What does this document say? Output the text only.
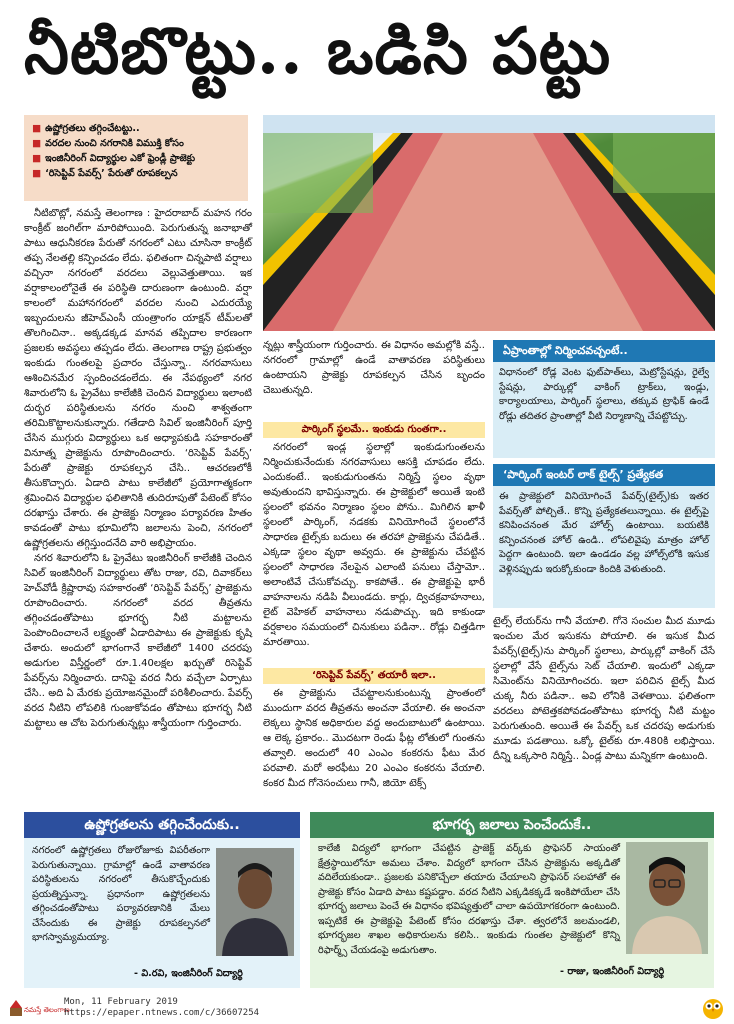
నీటిబొట్టు.. ఒడిసి పట్టు
■ ఉష్ణోగ్రతలు తగ్గించేటట్టు..
■ వరదల నుంచి నగరానికి విముక్తి కోసం
■ ఇంజినీరింగ్ విద్యార్థుల ఎకో ఫ్రెండ్లీ ప్రాజెక్టు
■ ‘రిసెప్టివ్ పేవర్స్’ పేరుతో రూపకల్పన

నీటిబొట్లో, నమస్తే తెలంగాణ : హైదరాబాద్ మహన గరం కాంక్రీట్ జంగిల్‌గా మారిపోయింది. పెరుగుతున్న జనాభాతో పాటు ఆధునీకరణ పేరుతో నగరంలో ఎటు చూసినా కాంక్రీట్ తప్ప నేలతల్లి కన్పించడం లేదు. ఫలితంగా చిన్నపాటి వర్షాలు వచ్చినా నగరంలో వరదలు వెల్లువెత్తుతాయి. ఇక వర్షాకాలంలోనైతే ఈ పరిస్థితి దారుణంగా ఉంటుంది. వర్షా కాలంలో మహానగరంలో వరదల నుంచి ఎదురయ్యే ఇబ్బందులను జీహెచ్‌ఎంసీ యంత్రాంగం యాక్షన్ టీమ్‌లతో తొలగించినా.. అక్కడక్కడ మానవ తప్పిదాల కారణంగా ప్రజలకు అవస్థలు తప్పడం లేదు. తెలంగాణ రాష్ట్ర ప్రభుత్వం ఇంకుడు గుంతలపై ప్రచారం చేస్తున్నా.. నగరవాసులు ఆశించినమేర స్పందించడంలేదు. ఈ నేపథ్యంలో నగర శివారులోని ఓ ప్రైవేటు కాలేజీకి చెందిన విద్యార్థులు ఇలాంటి దుర్భర పరిస్థితులను నగరం నుంచి శాశ్వతంగా తరిమికొట్టాలనుకున్నారు. గతేడాది సివిల్ ఇంజినీరింగ్ పూర్తి చేసిన ముగ్గురు విద్యార్థులు ఒక అధ్యాపకుడి సహకారంతో వినూత్న ప్రాజెక్టును రూపొందించారు. ‘రిసెప్టివ్ పేవర్స్’ పేరుతో ప్రాజెక్టు రూపకల్పన చేసి.. ఆచరణలోకీ తీసుకొచ్చారు. ఏడాది పాటు కాలేజీలో ప్రయోగాత్మకంగా శ్రమించిన విద్యార్థుల ఫలితానికి తుదిరూపుతో పేటెంట్ కోసం దరఖాస్తు చేశారు. ఈ ప్రాజెక్టు నిర్మాణం పర్యావరణ హితం కావడంతో పాటు భూమిలోని జలాలను పెంచి, నగరంలో ఉష్ణోగ్రతలను తగ్గిస్తుందనేది వారి అభిప్రాయం.

నగర శివారులోని ఓ ప్రైవేటు ఇంజినీరింగ్ కాలేజీకి చెందిన సివిల్ ఇంజినీరింగ్ విద్యార్థులు తోట రాజు, రవి, దివాకర్‌లు హెచ్‌వోడీ క్రిష్ణారావు సహకారంతో ‘రిసెప్టివ్ పేవర్స్’ ప్రాజెక్టును రూపొందించారు. నగరంలో వరద తీవ్రతను తగ్గించడంతోపాటు భూగర్భ నీటి మట్టాలను పెంపొందించాలనే లక్ష్యంతో ఏడాదిపాటు ఈ ప్రాజెక్టుకు కృషి చేశారు. అందులో భాగంగానే కాలేజీలో 1400 చదరపు అడుగుల విస్తీర్ణంలో రూ.1.40లక్షల ఖర్చుతో రిసెప్టివ్ పేవర్స్‌ను నిర్మించారు. దానిపై వరద నీరు వచ్చేలా ఏర్పాటు చేసి.. అది ఏ మేరకు ప్రయోజనమైందో పరిశీలించారు. పేవర్స్ వరద నీటిని లోపలికి గుంజుకోవడం తోపాటు భూగర్భ నీటి మట్టాలు ఆ చోట పెరుగుతున్నట్లు శాస్త్రీయంగా గుర్తించారు.

న్నట్లు శాస్త్రీయంగా గుర్తించారు. ఈ విధానం అమల్లోకి వస్తే.. నగరంలో గ్రామాల్లో ఉండే వాతావరణ పరిస్థితులు ఉంటాయని ప్రాజెక్టు రూపకల్పన చేసిన బృందం చెబుతున్నది.

పార్కింగ్ స్థలమే.. ఇంకుడు గుంతగా..

నగరంలో ఇండ్ల స్థలాల్లో ఇంకుడుగుంతలను నిర్మించుకునేందుకు నగరవాసులు ఆసక్తి చూపడం లేదు. ఎందుకంటే.. ఇంకుడుగుంతను నిర్మిస్తే స్థలం వృథా అవుతుందని భావిస్తున్నారు. ఈ ప్రాజెక్టులో అయితే ఇంటి స్థలంలో భవనం నిర్మాణం స్థలం పోను.. మిగిలిన ఖాళీ స్థలంలో పార్కింగ్, నడకకు వినియోగించే స్థలంలోనే సాధారణ టైల్స్‌కు బదులు ఈ తరహా ప్రాజెక్టును చేపడితే.. ఎక్కడా స్థలం వృథా అవ్వదు. ఈ ప్రాజెక్టును చేపట్టిన స్థలంలో సాధారణ నేలపైన ఎలాంటి పనులు చేస్తామో.. అలాంటివే చేసుకోవచ్చు. కాకపోతే.. ఈ ప్రాజెక్టుపై భారీ వాహనాలను నడిపి వీలుండదు. కార్లు, ద్విచక్రవాహనాలు, లైట్ వెహికల్ వాహనాలు నడుపొచ్చు. ఇది కాకుండా వర్షకాలం సమయంలో చినుకులు పడినా.. రోడ్లు చిత్తడిగా మారతాయి.

‘రిసెప్టివ్ పేవర్స్’ తయారీ ఇలా..

ఈ ప్రాజెక్టును చేపట్టాలనుకుంటున్న ప్రాంతంలో ముందుగా వరద తీవ్రతను అంచనా వేయాలి. ఈ అంచనా లెక్కలు స్థానిక అధికారుల వద్ద అందుబాటులో ఉంటాయి. ఆ లెక్క ప్రకారం.. మొదటగా రెండు ఫీట్ల లోతులో గుంతను తవ్వాలి. అందులో 40 ఎంఎం కంకరను ఫీటు మేర పరవాలి. మరో అరఫీటు 20 ఎంఎం కంకరను వేయాలి. కంకర మీద గోనెసంచులు గానీ, జియో టెక్స్

ఏప్రాంతాల్లో నిర్మించవచ్చంటే..
విధానంలో రోడ్ల వెంట ఫుట్‌పాత్‌లు, మెట్రోస్టేషన్లు, రైల్వే స్టేషన్లు, పార్కుల్లో వాకింగ్ ట్రాక్‌లు, ఇండ్లు, కార్యాలయాలు, పార్కింగ్ స్థలాలు, తక్కువ ట్రాఫిక్ ఉండే రోడ్లు తదితర ప్రాంతాల్లో వీటి నిర్మాణాన్ని చేపట్టొచ్చు.
‘పార్కింగ్ ఇంటర్ లాక్ టైల్స్’ ప్రత్యేకత
ఈ ప్రాజెక్టులో వినియోగించే పేవర్స్(టైల్స్)కు ఇతర పేవర్స్‌తో పోల్చితే.. కొన్ని ప్రత్యేకతలున్నాయి. ఈ టైల్స్‌పై కనిపించనంత మేర హోల్స్ ఉంటాయి. బయటికి కన్పించనంత హోల్ ఉండి.. లోపలివైపు మాత్రం హోల్ పెద్దగా ఉంటుంది. ఇలా ఉండడం వల్ల హోల్స్‌లోకి ఇసుక వెళ్లినప్పుడు ఇరుక్కోకుండా కిందికి వెళుతుంది.

టైల్స్ లేయర్‌ను గానీ వేయాలి. గోనె సంచుల మీద మూడు ఇంచుల మేర ఇసుకను పోయాలి. ఈ ఇసుక మీద పేవర్స్(టైల్స్)ను పార్కింగ్ స్థలాలు, పార్కుల్లో వాకింగ్ చేసే స్థలాల్లో వేసే టైల్స్‌ను సెట్ చేయాలి. ఇందులో ఎక్కడా సిమెంట్‌ను వినియోగించరు. ఇలా పరిచిన టైల్స్ మీద చుక్క నీరు పడినా.. అవి లోనికి వెళతాయి. ఫలితంగా వరదలు పోటెత్తకపోవడంతోపాటు భూగర్భ నీటి మట్టం పెరుగుతుంది. అయితే ఈ పేవర్స్ ఒక చదరపు అడుగుకు మూడు పడతాయి. ఒక్కో టైల్‌కు రూ.480కి లభిస్తాయి. దీన్ని ఒక్కసారి నిర్మిస్తే.. ఏండ్ల పాటు మన్నికగా ఉంటుంది.

ఉష్ణోగ్రతలను తగ్గించేందుకు..
నగరంలో ఉష్ణోగ్రతలు రోజురోజూకు విపరీతంగా పెరుగుతున్నాయి. గ్రామాల్లో ఉండే వాతావరణ పరిస్థితులను నగరంలో తీసుకొచ్చేందుకు ప్రయత్నిస్తున్నా. ప్రధానంగా ఉష్ణోగ్రతలను తగ్గించడంతోపాటు పర్యావరణానికి మేలు చేసేందుకు ఈ ప్రాజెక్టు రూపకల్పనలో భాగస్వామ్యమయ్యా.
- వి.రవి, ఇంజినీరింగ్ విద్యార్థి
భూగర్భ జలాలు పెంచేందుకే..
కాలేజీ విద్యలో భాగంగా చేపట్టిన ప్రాజెక్ట్ వర్క్‌కు ప్రొఫెసర్ సాయంతో క్షేత్రస్థాయిలోనూ అమలు చేశాం. విద్యలో భాగంగా చేసిన ప్రాజెక్టును అక్కడితో వదిలేయకుండా.. ప్రజలకు పనికొచ్చేలా తయారు చేయాలని ప్రొఫెసర్ సలహాతో ఈ ప్రాజెక్టు కోసం ఏడాది పాటు కష్టపడ్డాం. వరద నీటిని ఎక్కడికక్కడే ఇంకిపోయేలా చేసి భూగర్భ జలాలు పెంచే ఈ విధానం భవిష్యత్తులో చాలా ఉపయోగకరంగా ఉంటుంది. ఇప్పటికే ఈ ప్రాజెక్టుపై పేటెంట్ కోసం దరఖాస్తు చేశా. త్వరలోనే జలమండలి, భూగర్భజల శాఖల అధికారులను కలిసి.. ఇంకుడు గుంతల ప్రాజెక్టులో కొన్ని రిఫార్మ్స్ చేయడంపై అడుగుతాం.
- రాజు, ఇంజినీరింగ్ విద్యార్థి
నమస్తే తెలంగాణ
Mon, 11 February 2019
https://epaper.ntnews.com/c/36607254
